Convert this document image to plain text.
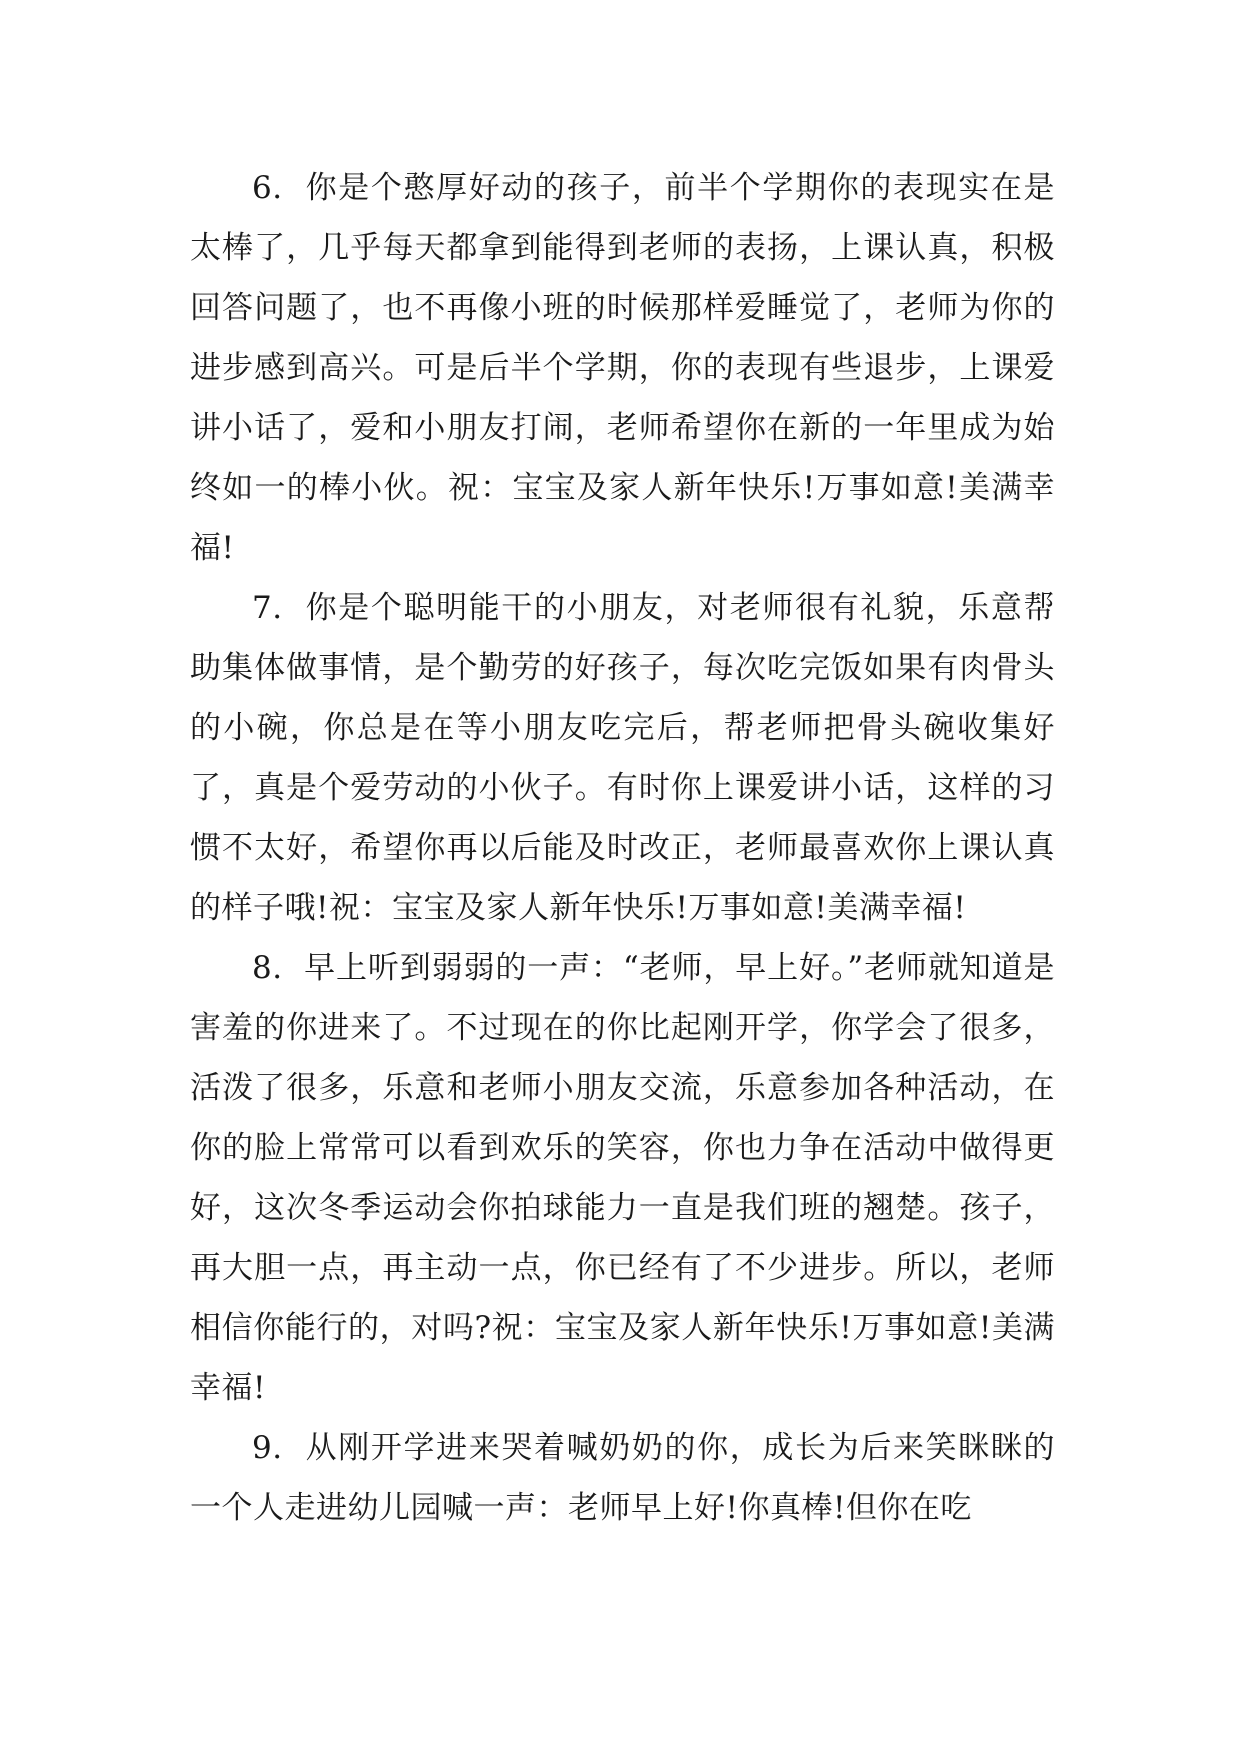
6. 你是个憨厚好动的孩子，前半个学期你的表现实在是太棒了，几乎每天都拿到能得到老师的表扬，上课认真，积极回答问题了，也不再像小班的时候那样爱睡觉了，老师为你的进步感到高兴。可是后半个学期，你的表现有些退步，上课爱讲小话了，爱和小朋友打闹，老师希望你在新的一年里成为始终如一的棒小伙。祝：宝宝及家人新年快乐!万事如意!美满幸福!

7. 你是个聪明能干的小朋友，对老师很有礼貌，乐意帮助集体做事情，是个勤劳的好孩子，每次吃完饭如果有肉骨头的小碗，你总是在等小朋友吃完后，帮老师把骨头碗收集好了，真是个爱劳动的小伙子。有时你上课爱讲小话，这样的习惯不太好，希望你再以后能及时改正，老师最喜欢你上课认真的样子哦!祝：宝宝及家人新年快乐!万事如意!美满幸福!

8. 早上听到弱弱的一声：“老师，早上好。”老师就知道是害羞的你进来了。不过现在的你比起刚开学，你学会了很多，活泼了很多，乐意和老师小朋友交流，乐意参加各种活动，在你的脸上常常可以看到欢乐的笑容，你也力争在活动中做得更好，这次冬季运动会你拍球能力一直是我们班的翘楚。孩子，再大胆一点，再主动一点，你已经有了不少进步。所以，老师相信你能行的，对吗?祝：宝宝及家人新年快乐!万事如意!美满幸福!

9. 从刚开学进来哭着喊奶奶的你，成长为后来笑眯眯的一个人走进幼儿园喊一声：老师早上好!你真棒!但你在吃
